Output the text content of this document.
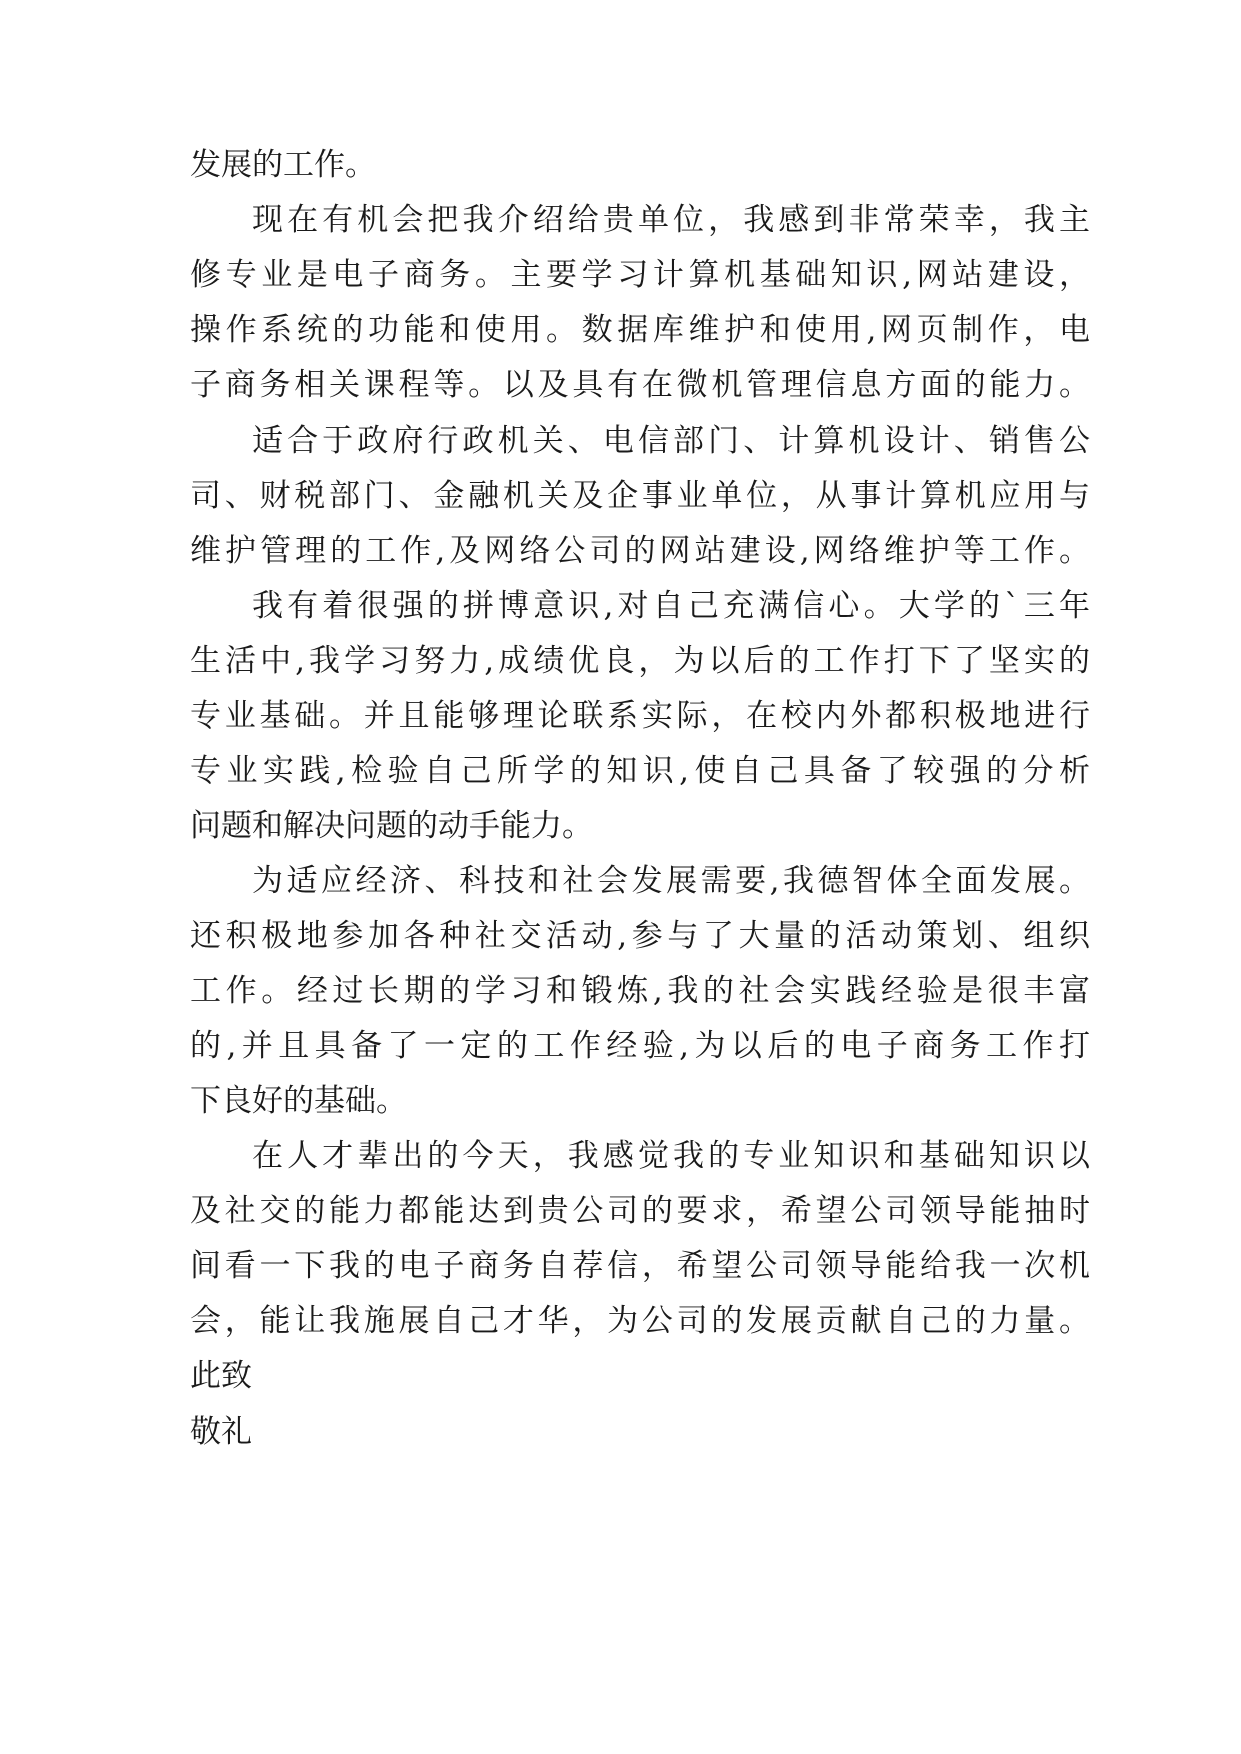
发展的工作。
现在有机会把我介绍给贵单位，我感到非常荣幸，我主
修专业是电子商务。主要学习计算机基础知识,网站建设，
操作系统的功能和使用。数据库维护和使用,网页制作，电
子商务相关课程等。以及具有在微机管理信息方面的能力。
适合于政府行政机关、电信部门、计算机设计、销售公
司、财税部门、金融机关及企事业单位，从事计算机应用与
维护管理的工作,及网络公司的网站建设,网络维护等工作。
我有着很强的拼博意识,对自己充满信心。大学的`三年
生活中,我学习努力,成绩优良，为以后的工作打下了坚实的
专业基础。并且能够理论联系实际，在校内外都积极地进行
专业实践,检验自己所学的知识,使自己具备了较强的分析
问题和解决问题的动手能力。
为适应经济、科技和社会发展需要,我德智体全面发展。
还积极地参加各种社交活动,参与了大量的活动策划、组织
工作。经过长期的学习和锻炼,我的社会实践经验是很丰富
的,并且具备了一定的工作经验,为以后的电子商务工作打
下良好的基础。
在人才辈出的今天，我感觉我的专业知识和基础知识以
及社交的能力都能达到贵公司的要求，希望公司领导能抽时
间看一下我的电子商务自荐信，希望公司领导能给我一次机
会，能让我施展自己才华，为公司的发展贡献自己的力量。
此致
敬礼
